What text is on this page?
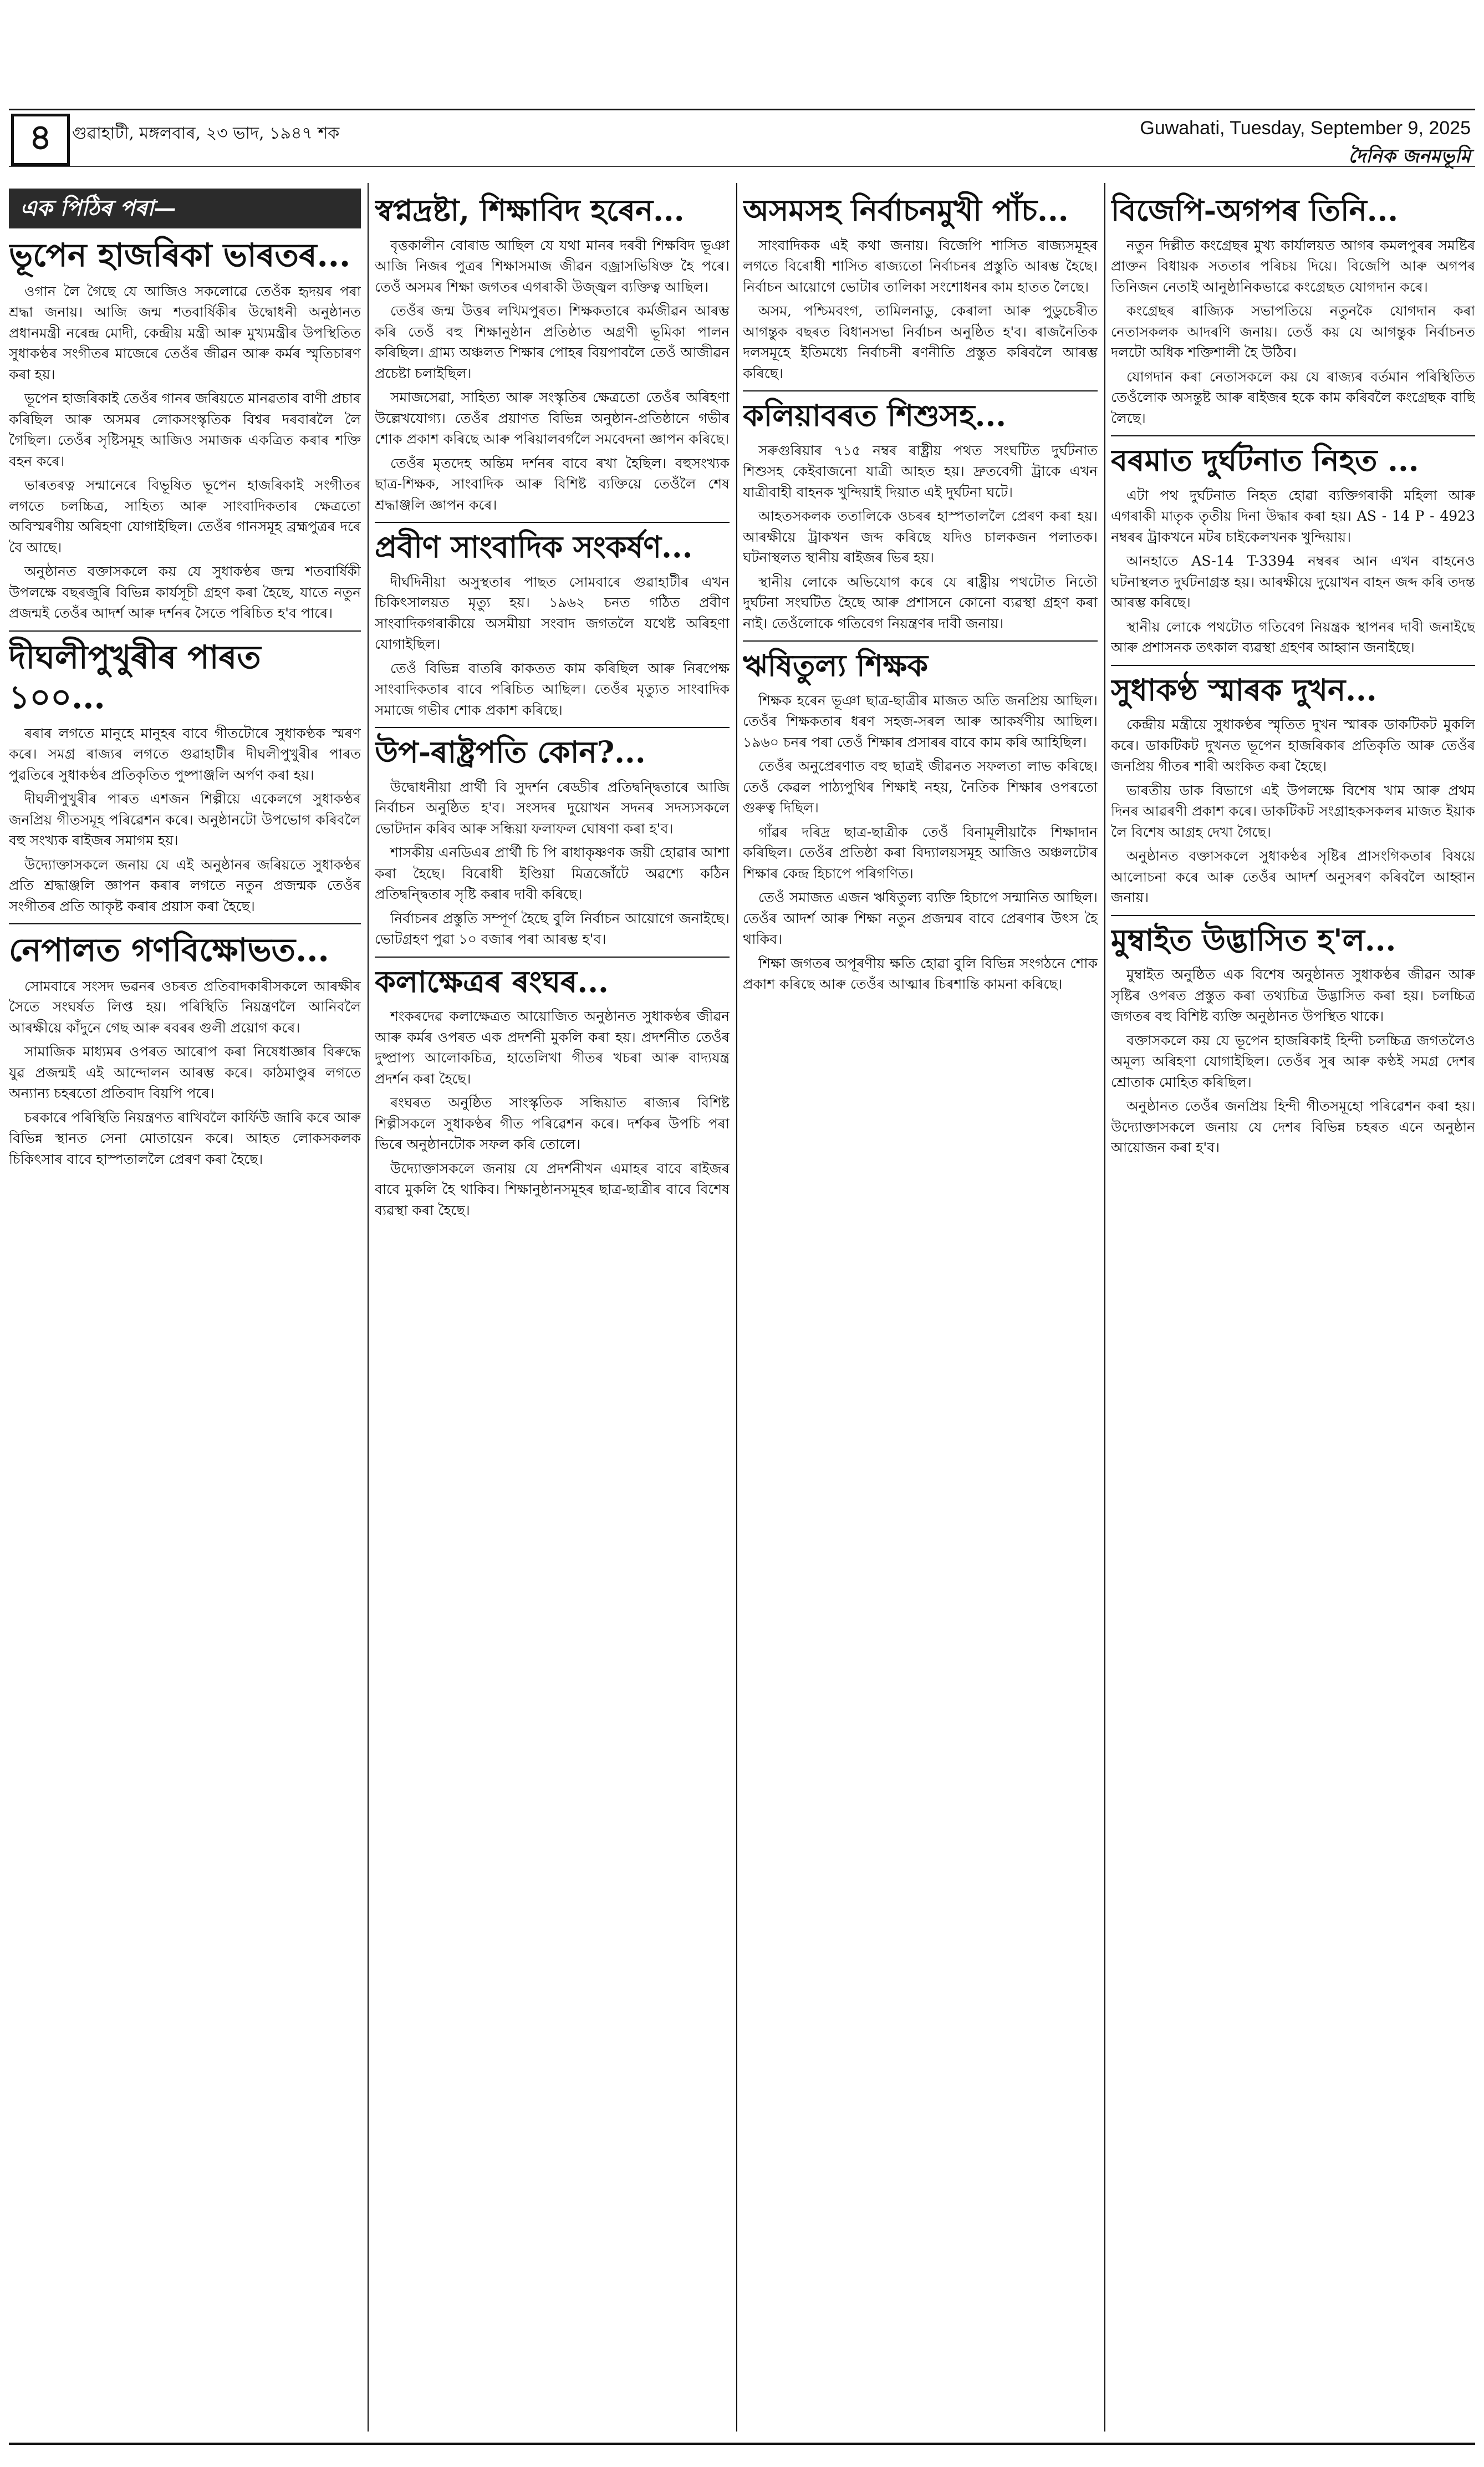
৪	গুৱাহাটী, মঙ্গলবাৰ, ২৩ ভাদ, ১৯৪৭ শক	Guwahati, Tuesday, September 9, 2025
দৈনিক জনমভূমি
এক পিঠিৰ পৰা—
ভূপেন হাজৰিকা ভাৰতৰ...

ওগান লৈ গৈছে যে আজিও সকলোৱে তেওঁক হৃদয়ৰ পৰা শ্ৰদ্ধা জনায়। আজি জন্ম শতবাৰ্ষিকীৰ উদ্বোধনী অনুষ্ঠানত প্ৰধানমন্ত্ৰী নৰেন্দ্ৰ মোদী, কেন্দ্ৰীয় মন্ত্ৰী আৰু মুখ্যমন্ত্ৰীৰ উপস্থিতিত সুধাকণ্ঠৰ সংগীতৰ মাজেৰে তেওঁৰ জীৱন আৰু কৰ্মৰ স্মৃতিচাৰণ কৰা হয়।

ভূপেন হাজৰিকাই তেওঁৰ গানৰ জৰিয়তে মানৱতাৰ বাণী প্ৰচাৰ কৰিছিল আৰু অসমৰ লোকসংস্কৃতিক বিশ্বৰ দৰবাৰলৈ লৈ গৈছিল। তেওঁৰ সৃষ্টিসমূহ আজিও সমাজক একত্ৰিত কৰাৰ শক্তি বহন কৰে।

ভাৰতৰত্ন সন্মানেৰে বিভূষিত ভূপেন হাজৰিকাই সংগীতৰ লগতে চলচ্চিত্ৰ, সাহিত্য আৰু সাংবাদিকতাৰ ক্ষেত্ৰতো অবিস্মৰণীয় অৰিহণা যোগাইছিল। তেওঁৰ গানসমূহ ব্ৰহ্মপুত্ৰৰ দৰে বৈ আছে।

অনুষ্ঠানত বক্তাসকলে কয় যে সুধাকণ্ঠৰ জন্ম শতবাৰ্ষিকী উপলক্ষে বছৰজুৰি বিভিন্ন কাৰ্যসূচী গ্ৰহণ কৰা হৈছে, যাতে নতুন প্ৰজন্মই তেওঁৰ আদৰ্শ আৰু দৰ্শনৰ সৈতে পৰিচিত হ'ব পাৰে।

দীঘলীপুখুৰীৰ পাৰত ১০০...

ৰৰাৰ লগতে মানুহে মানুহৰ বাবে গীতটোৰে সুধাকণ্ঠক স্মৰণ কৰে। সমগ্ৰ ৰাজ্যৰ লগতে গুৱাহাটীৰ দীঘলীপুখুৰীৰ পাৰত পুৱতিৰে সুধাকণ্ঠৰ প্ৰতিকৃতিত পুষ্পাঞ্জলি অৰ্পণ কৰা হয়।

দীঘলীপুখুৰীৰ পাৰত এশজন শিল্পীয়ে একেলগে সুধাকণ্ঠৰ জনপ্ৰিয় গীতসমূহ পৰিৱেশন কৰে। অনুষ্ঠানটো উপভোগ কৰিবলৈ বহু সংখ্যক ৰাইজৰ সমাগম হয়।

উদ্যোক্তাসকলে জনায় যে এই অনুষ্ঠানৰ জৰিয়তে সুধাকণ্ঠৰ প্ৰতি শ্ৰদ্ধাঞ্জলি জ্ঞাপন কৰাৰ লগতে নতুন প্ৰজন্মক তেওঁৰ সংগীতৰ প্ৰতি আকৃষ্ট কৰাৰ প্ৰয়াস কৰা হৈছে।

নেপালত গণবিক্ষোভত...

সোমবাৰে সংসদ ভৱনৰ ওচৰত প্ৰতিবাদকাৰীসকলে আৰক্ষীৰ সৈতে সংঘৰ্ষত লিপ্ত হয়। পৰিস্থিতি নিয়ন্ত্ৰণলৈ আনিবলৈ আৰক্ষীয়ে কাঁদুনে গেছ আৰু ৰবৰৰ গুলী প্ৰয়োগ কৰে।

সামাজিক মাধ্যমৰ ওপৰত আৰোপ কৰা নিষেধাজ্ঞাৰ বিৰুদ্ধে যুৱ প্ৰজন্মই এই আন্দোলন আৰম্ভ কৰে। কাঠমাণ্ডুৰ লগতে অন্যান্য চহৰতো প্ৰতিবাদ বিয়পি পৰে।

চৰকাৰে পৰিস্থিতি নিয়ন্ত্ৰণত ৰাখিবলৈ কাৰ্ফিউ জাৰি কৰে আৰু বিভিন্ন স্থানত সেনা মোতায়েন কৰে। আহত লোকসকলক চিকিৎসাৰ বাবে হাস্পতাললৈ প্ৰেৰণ কৰা হৈছে।

স্বপ্নদ্ৰষ্টা, শিক্ষাবিদ হৰেন...

বৃত্তকালীন বোৰাড আছিল যে যথা মানৰ দৰবী শিক্ষবিদ ভূঞা আজি নিজৰ পুত্ৰৰ শিক্ষাসমাজ জীৱন বজ্ৰাসভিষিক্ত হৈ পৰে। তেওঁ অসমৰ শিক্ষা জগতৰ এগৰাকী উজ্জ্বল ব্যক্তিত্ব আছিল।

তেওঁৰ জন্ম উত্তৰ লখিমপুৰত। শিক্ষকতাৰে কৰ্মজীৱন আৰম্ভ কৰি তেওঁ বহু শিক্ষানুষ্ঠান প্ৰতিষ্ঠাত অগ্ৰণী ভূমিকা পালন কৰিছিল। গ্ৰাম্য অঞ্চলত শিক্ষাৰ পোহৰ বিয়পাবলৈ তেওঁ আজীৱন প্ৰচেষ্টা চলাইছিল।

সমাজসেৱা, সাহিত্য আৰু সংস্কৃতিৰ ক্ষেত্ৰতো তেওঁৰ অৰিহণা উল্লেখযোগ্য। তেওঁৰ প্ৰয়াণত বিভিন্ন অনুষ্ঠান-প্ৰতিষ্ঠানে গভীৰ শোক প্ৰকাশ কৰিছে আৰু পৰিয়ালবৰ্গলৈ সমবেদনা জ্ঞাপন কৰিছে।

তেওঁৰ মৃতদেহ অন্তিম দৰ্শনৰ বাবে ৰখা হৈছিল। বহুসংখ্যক ছাত্ৰ-শিক্ষক, সাংবাদিক আৰু বিশিষ্ট ব্যক্তিয়ে তেওঁলৈ শেষ শ্ৰদ্ধাঞ্জলি জ্ঞাপন কৰে।

প্ৰবীণ সাংবাদিক সংকৰ্ষণ...

দীৰ্ঘদিনীয়া অসুস্থতাৰ পাছত সোমবাৰে গুৱাহাটীৰ এখন চিকিৎসালয়ত মৃত্যু হয়। ১৯৬২ চনত গঠিত প্ৰবীণ সাংবাদিকগৰাকীয়ে অসমীয়া সংবাদ জগতলৈ যথেষ্ট অৰিহণা যোগাইছিল।

তেওঁ বিভিন্ন বাতৰি কাকতত কাম কৰিছিল আৰু নিৰপেক্ষ সাংবাদিকতাৰ বাবে পৰিচিত আছিল। তেওঁৰ মৃত্যুত সাংবাদিক সমাজে গভীৰ শোক প্ৰকাশ কৰিছে।

উপ-ৰাষ্ট্ৰপতি কোন?...

উদ্বোধনীয়া প্ৰাৰ্থী বি সুদৰ্শন ৰেড্ডীৰ প্ৰতিদ্বন্দ্বিতাৰে আজি নিৰ্বাচন অনুষ্ঠিত হ'ব। সংসদৰ দুয়োখন সদনৰ সদস্যসকলে ভোটদান কৰিব আৰু সন্ধিয়া ফলাফল ঘোষণা কৰা হ'ব।

শাসকীয় এনডিএৰ প্ৰাৰ্থী চি পি ৰাধাকৃষ্ণণক জয়ী হোৱাৰ আশা কৰা হৈছে। বিৰোধী ইণ্ডিয়া মিত্ৰজোঁটে অৱশ্যে কঠিন প্ৰতিদ্বন্দ্বিতাৰ সৃষ্টি কৰাৰ দাবী কৰিছে।

নিৰ্বাচনৰ প্ৰস্তুতি সম্পূৰ্ণ হৈছে বুলি নিৰ্বাচন আয়োগে জনাইছে। ভোটগ্ৰহণ পুৱা ১০ বজাৰ পৰা আৰম্ভ হ'ব।

কলাক্ষেত্ৰৰ ৰংঘৰ...

শংকৰদেৱ কলাক্ষেত্ৰত আয়োজিত অনুষ্ঠানত সুধাকণ্ঠৰ জীৱন আৰু কৰ্মৰ ওপৰত এক প্ৰদৰ্শনী মুকলি কৰা হয়। প্ৰদৰ্শনীত তেওঁৰ দুষ্প্ৰাপ্য আলোকচিত্ৰ, হাতেলিখা গীতৰ খচৰা আৰু বাদ্যযন্ত্ৰ প্ৰদৰ্শন কৰা হৈছে।

ৰংঘৰত অনুষ্ঠিত সাংস্কৃতিক সন্ধিয়াত ৰাজ্যৰ বিশিষ্ট শিল্পীসকলে সুধাকণ্ঠৰ গীত পৰিৱেশন কৰে। দৰ্শকৰ উপচি পৰা ভিৰে অনুষ্ঠানটোক সফল কৰি তোলে।

উদ্যোক্তাসকলে জনায় যে প্ৰদৰ্শনীখন এমাহৰ বাবে ৰাইজৰ বাবে মুকলি হৈ থাকিব। শিক্ষানুষ্ঠানসমূহৰ ছাত্ৰ-ছাত্ৰীৰ বাবে বিশেষ ব্যৱস্থা কৰা হৈছে।

অসমসহ নিৰ্বাচনমুখী পাঁচ...

সাংবাদিকক এই কথা জনায়। বিজেপি শাসিত ৰাজ্যসমূহৰ লগতে বিৰোধী শাসিত ৰাজ্যতো নিৰ্বাচনৰ প্ৰস্তুতি আৰম্ভ হৈছে। নিৰ্বাচন আয়োগে ভোটাৰ তালিকা সংশোধনৰ কাম হাতত লৈছে।

অসম, পশ্চিমবংগ, তামিলনাডু, কেৰালা আৰু পুডুচেৰীত আগন্তুক বছৰত বিধানসভা নিৰ্বাচন অনুষ্ঠিত হ'ব। ৰাজনৈতিক দলসমূহে ইতিমধ্যে নিৰ্বাচনী ৰণনীতি প্ৰস্তুত কৰিবলৈ আৰম্ভ কৰিছে।

কলিয়াবৰত শিশুসহ...

সৰুগুৰিয়াৰ ৭১৫ নম্বৰ ৰাষ্ট্ৰীয় পথত সংঘটিত দুৰ্ঘটনাত শিশুসহ কেইবাজনো যাত্ৰী আহত হয়। দ্ৰুতবেগী ট্ৰাকে এখন যাত্ৰীবাহী বাহনক খুন্দিয়াই দিয়াত এই দুৰ্ঘটনা ঘটে।

আহতসকলক ততালিকে ওচৰৰ হাস্পতাললৈ প্ৰেৰণ কৰা হয়। আৰক্ষীয়ে ট্ৰাকখন জব্দ কৰিছে যদিও চালকজন পলাতক। ঘটনাস্থলত স্থানীয় ৰাইজৰ ভিৰ হয়।

স্থানীয় লোকে অভিযোগ কৰে যে ৰাষ্ট্ৰীয় পথটোত নিতৌ দুৰ্ঘটনা সংঘটিত হৈছে আৰু প্ৰশাসনে কোনো ব্যৱস্থা গ্ৰহণ কৰা নাই। তেওঁলোকে গতিবেগ নিয়ন্ত্ৰণৰ দাবী জনায়।

ঋষিতুল্য শিক্ষক

শিক্ষক হৰেন ভূঞা ছাত্ৰ-ছাত্ৰীৰ মাজত অতি জনপ্ৰিয় আছিল। তেওঁৰ শিক্ষকতাৰ ধৰণ সহজ-সৰল আৰু আকৰ্ষণীয় আছিল। ১৯৬০ চনৰ পৰা তেওঁ শিক্ষাৰ প্ৰসাৰৰ বাবে কাম কৰি আহিছিল।

তেওঁৰ অনুপ্ৰেৰণাত বহু ছাত্ৰই জীৱনত সফলতা লাভ কৰিছে। তেওঁ কেৱল পাঠ্যপুথিৰ শিক্ষাই নহয়, নৈতিক শিক্ষাৰ ওপৰতো গুৰুত্ব দিছিল।

গাঁৱৰ দৰিদ্ৰ ছাত্ৰ-ছাত্ৰীক তেওঁ বিনামূলীয়াকৈ শিক্ষাদান কৰিছিল। তেওঁৰ প্ৰতিষ্ঠা কৰা বিদ্যালয়সমূহ আজিও অঞ্চলটোৰ শিক্ষাৰ কেন্দ্ৰ হিচাপে পৰিগণিত।

তেওঁ সমাজত এজন ঋষিতুল্য ব্যক্তি হিচাপে সন্মানিত আছিল। তেওঁৰ আদৰ্শ আৰু শিক্ষা নতুন প্ৰজন্মৰ বাবে প্ৰেৰণাৰ উৎস হৈ থাকিব।

শিক্ষা জগতৰ অপূৰণীয় ক্ষতি হোৱা বুলি বিভিন্ন সংগঠনে শোক প্ৰকাশ কৰিছে আৰু তেওঁৰ আত্মাৰ চিৰশান্তি কামনা কৰিছে।

বিজেপি-অগপৰ তিনি...

নতুন দিল্লীত কংগ্ৰেছৰ মুখ্য কাৰ্যালয়ত আগৰ কমলপুৰৰ সমষ্টিৰ প্ৰাক্তন বিধায়ক সততাৰ পৰিচয় দিয়ে। বিজেপি আৰু অগপৰ তিনিজন নেতাই আনুষ্ঠানিকভাৱে কংগ্ৰেছত যোগদান কৰে।

কংগ্ৰেছৰ ৰাজ্যিক সভাপতিয়ে নতুনকৈ যোগদান কৰা নেতাসকলক আদৰণি জনায়। তেওঁ কয় যে আগন্তুক নিৰ্বাচনত দলটো অধিক শক্তিশালী হৈ উঠিব।

যোগদান কৰা নেতাসকলে কয় যে ৰাজ্যৰ বৰ্তমান পৰিস্থিতিত তেওঁলোক অসন্তুষ্ট আৰু ৰাইজৰ হকে কাম কৰিবলৈ কংগ্ৰেছক বাছি লৈছে।

বৰমাত দুৰ্ঘটনাত নিহত ...

এটা পথ দুৰ্ঘটনাত নিহত হোৱা ব্যক্তিগৰাকী মহিলা আৰু এগৰাকী মাতৃক তৃতীয় দিনা উদ্ধাৰ কৰা হয়। AS - 14 P - 4923 নম্বৰৰ ট্ৰাকখনে মটৰ চাইকেলখনক খুন্দিয়ায়।

আনহাতে AS-14 T-3394 নম্বৰৰ আন এখন বাহনেও ঘটনাস্থলত দুৰ্ঘটনাগ্ৰস্ত হয়। আৰক্ষীয়ে দুয়োখন বাহন জব্দ কৰি তদন্ত আৰম্ভ কৰিছে।

স্থানীয় লোকে পথটোত গতিবেগ নিয়ন্ত্ৰক স্থাপনৰ দাবী জনাইছে আৰু প্ৰশাসনক তৎকাল ব্যৱস্থা গ্ৰহণৰ আহ্বান জনাইছে।

সুধাকণ্ঠ স্মাৰক দুখন...

কেন্দ্ৰীয় মন্ত্ৰীয়ে সুধাকণ্ঠৰ স্মৃতিত দুখন স্মাৰক ডাকটিকট মুকলি কৰে। ডাকটিকট দুখনত ভূপেন হাজৰিকাৰ প্ৰতিকৃতি আৰু তেওঁৰ জনপ্ৰিয় গীতৰ শাৰী অংকিত কৰা হৈছে।

ভাৰতীয় ডাক বিভাগে এই উপলক্ষে বিশেষ খাম আৰু প্ৰথম দিনৰ আৱৰণী প্ৰকাশ কৰে। ডাকটিকট সংগ্ৰাহকসকলৰ মাজত ইয়াক লৈ বিশেষ আগ্ৰহ দেখা গৈছে।

অনুষ্ঠানত বক্তাসকলে সুধাকণ্ঠৰ সৃষ্টিৰ প্ৰাসংগিকতাৰ বিষয়ে আলোচনা কৰে আৰু তেওঁৰ আদৰ্শ অনুসৰণ কৰিবলৈ আহ্বান জনায়।

মুম্বাইত উদ্ভাসিত হ'ল...

মুম্বাইত অনুষ্ঠিত এক বিশেষ অনুষ্ঠানত সুধাকণ্ঠৰ জীৱন আৰু সৃষ্টিৰ ওপৰত প্ৰস্তুত কৰা তথ্যচিত্ৰ উদ্ভাসিত কৰা হয়। চলচ্চিত্ৰ জগতৰ বহু বিশিষ্ট ব্যক্তি অনুষ্ঠানত উপস্থিত থাকে।

বক্তাসকলে কয় যে ভূপেন হাজৰিকাই হিন্দী চলচ্চিত্ৰ জগতলৈও অমূল্য অৰিহণা যোগাইছিল। তেওঁৰ সুৰ আৰু কণ্ঠই সমগ্ৰ দেশৰ শ্ৰোতাক মোহিত কৰিছিল।

অনুষ্ঠানত তেওঁৰ জনপ্ৰিয় হিন্দী গীতসমূহো পৰিৱেশন কৰা হয়। উদ্যোক্তাসকলে জনায় যে দেশৰ বিভিন্ন চহৰত এনে অনুষ্ঠান আয়োজন কৰা হ'ব।
